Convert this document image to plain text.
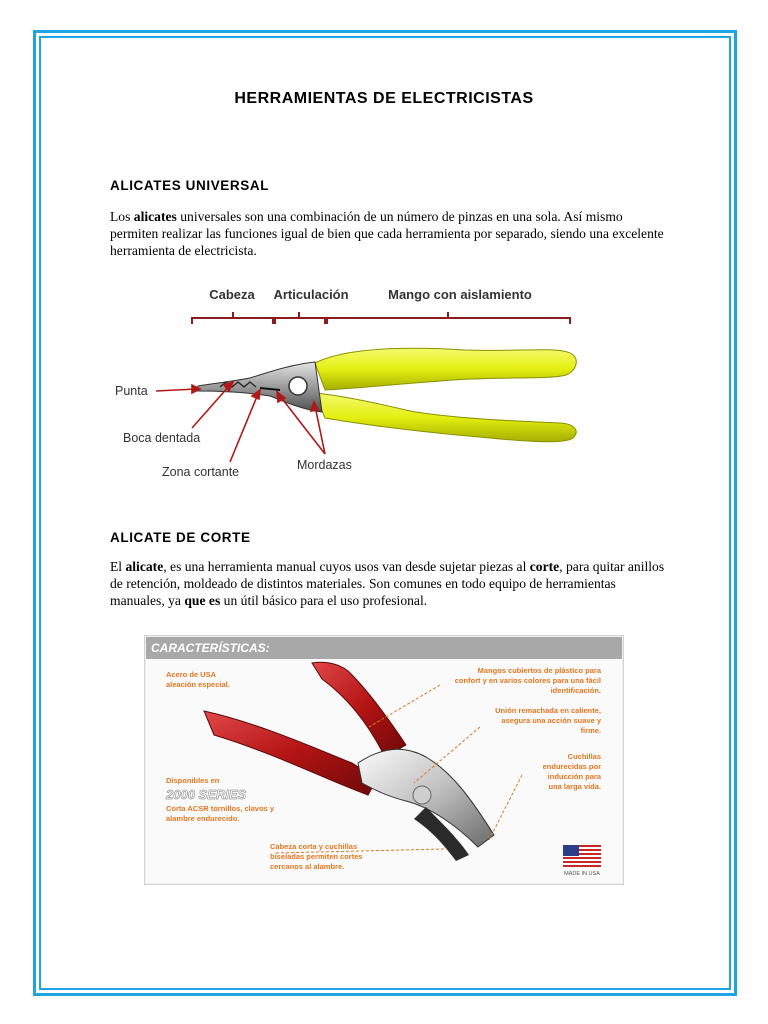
HERRAMIENTAS DE ELECTRICISTAS
ALICATES UNIVERSAL
Los alicates universales son una combinación de un número de pinzas en una sola. Así mismo permiten realizar las funciones igual de bien que cada herramienta por separado, siendo una excelente herramienta de electricista.
Cabeza Articulación	Mango con aislamiento
Punta
Boca dentada
Zona cortante	Mordazas
ALICATE DE CORTE
El alicate, es una herramienta manual cuyos usos van desde sujetar piezas al corte, para quitar anillos de retención, moldeado de distintos materiales. Son comunes en todo equipo de herramientas manuales, ya que es un útil básico para el uso profesional.
CARACTERÍSTICAS:
Acero de USA
aleación especial.
Disponibles en
Corta ACSR tornillos, clavos y
alambre endurecido.
Mangos cubiertos de plástico para
confort y en varios colores para una fácil
identificación.
Unión remachada en caliente,
asegura una acción suave y
firme.
Cuchillas
endurecidas por
inducción para
una larga vida.
Cabeza corta y cuchillas
biseladas permiten cortes
cercanos al alambre.
2000 SERIES
MADE IN USA
